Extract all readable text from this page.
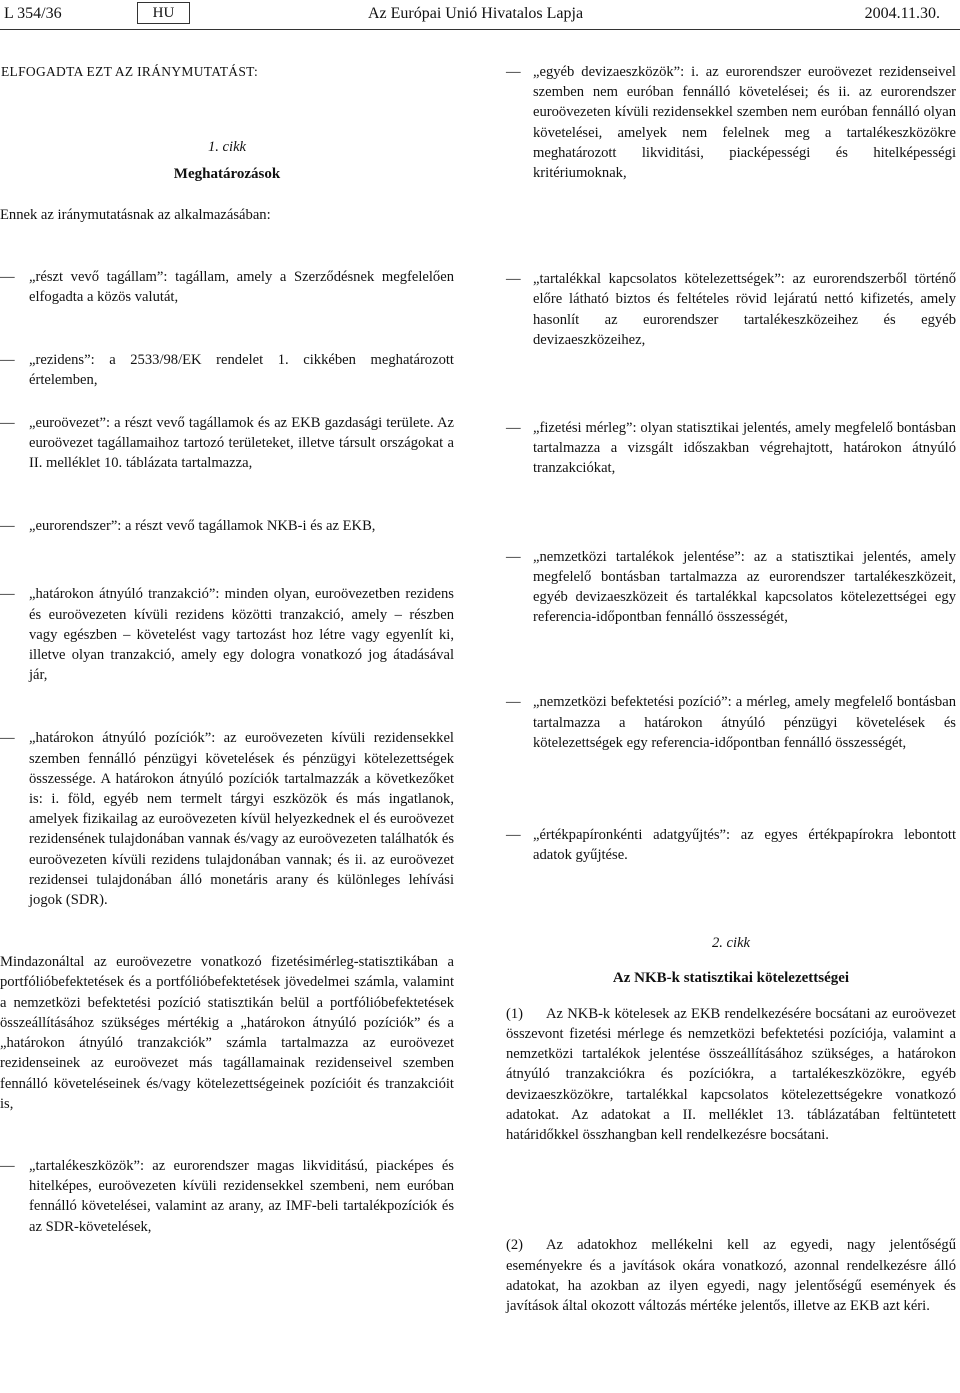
L 354/36	HU	Az Európai Unió Hivatalos Lapja	2004.11.30.

ELFOGADTA EZT AZ IRÁNYMUTATÁST:

1. cikk

Meghatározások

Ennek az iránymutatásnak az alkalmazásában:

— „részt vevő tagállam”: tagállam, amely a Szerződésnek megfelelően elfogadta a közös valutát,

— „rezidens”: a 2533/98/EK rendelet 1. cikkében meghatározott értelemben,

— „euroövezet”: a részt vevő tagállamok és az EKB gazdasági területe. Az euroövezet tagállamaihoz tartozó területeket, illetve társult országokat a II. melléklet 10. táblázata tartalmazza,

— „eurorendszer”: a részt vevő tagállamok NKB-i és az EKB,

— „határokon átnyúló tranzakció”: minden olyan, euroövezetben rezidens és euroövezeten kívüli rezidens közötti tranzakció, amely – részben vagy egészben – követelést vagy tartozást hoz létre vagy egyenlít ki, illetve olyan tranzakció, amely egy dologra vonatkozó jog átadásával jár,

— „határokon átnyúló pozíciók”: az euroövezeten kívüli rezidensekkel szemben fennálló pénzügyi követelések és pénzügyi kötelezettségek összessége. A határokon átnyúló pozíciók tartalmazzák a következőket is: i. föld, egyéb nem termelt tárgyi eszközök és más ingatlanok, amelyek fizikailag az euroövezeten kívül helyezkednek el és euroövezet rezidensének tulajdonában vannak és/vagy az euroövezeten találhatók és euroövezeten kívüli rezidens tulajdonában vannak; és ii. az euroövezet rezidensei tulajdonában álló monetáris arany és különleges lehívási jogok (SDR).

Mindazonáltal az euroövezetre vonatkozó fizetésimérleg-statisztikában a portfólióbefektetések és a portfólióbefektetések jövedelmei számla, valamint a nemzetközi befektetési pozíció statisztikán belül a portfólióbefektetések összeállításához szükséges mértékig a „határokon átnyúló pozíciók” és a „határokon átnyúló tranzakciók” számla tartalmazza az euroövezet rezidenseinek az euroövezet más tagállamainak rezidenseivel szemben fennálló követeléseinek és/vagy kötelezettségeinek pozícióit és tranzakcióit is,

— „tartalékeszközök”: az eurorendszer magas likviditású, piacképes és hitelképes, euroövezeten kívüli rezidensekkel szembeni, nem euróban fennálló követelései, valamint az arany, az IMF-beli tartalékpozíciók és az SDR-követelések,

— „egyéb devizaeszközök”: i. az eurorendszer euroövezet rezidenseivel szemben nem euróban fennálló követelései; és ii. az eurorendszer euroövezeten kívüli rezidensekkel szemben nem euróban fennálló olyan követelései, amelyek nem felelnek meg a tartalékeszközökre meghatározott likviditási, piacképességi és hitelképességi kritériumoknak,

— „tartalékkal kapcsolatos kötelezettségek”: az eurorendszerből történő előre látható biztos és feltételes rövid lejáratú nettó kifizetés, amely hasonlít az eurorendszer tartalékeszközeihez és egyéb devizaeszközeihez,

— „fizetési mérleg”: olyan statisztikai jelentés, amely megfelelő bontásban tartalmazza a vizsgált időszakban végrehajtott, határokon átnyúló tranzakciókat,

— „nemzetközi tartalékok jelentése”: az a statisztikai jelentés, amely megfelelő bontásban tartalmazza az eurorendszer tartalékeszközeit, egyéb devizaeszközeit és tartalékkal kapcsolatos kötelezettségei egy referencia-időpontban fennálló összességét,

— „nemzetközi befektetési pozíció”: a mérleg, amely megfelelő bontásban tartalmazza a határokon átnyúló pénzügyi követelések és kötelezettségek egy referencia-időpontban fennálló összességét,

— „értékpapíronkénti adatgyűjtés”: az egyes értékpapírokra lebontott adatok gyűjtése.

2. cikk

Az NKB-k statisztikai kötelezettségei

(1) Az NKB-k kötelesek az EKB rendelkezésére bocsátani az euroövezet összevont fizetési mérlege és nemzetközi befektetési pozíciója, valamint a nemzetközi tartalékok jelentése összeállításához szükséges, a határokon átnyúló tranzakciókra és pozíciókra, a tartalékeszközökre, egyéb devizaeszközökre, tartalékkal kapcsolatos kötelezettségekre vonatkozó adatokat. Az adatokat a II. melléklet 13. táblázatában feltüntetett határidőkkel összhangban kell rendelkezésre bocsátani.

(2) Az adatokhoz mellékelni kell az egyedi, nagy jelentőségű eseményekre és a javítások okára vonatkozó, azonnal rendelkezésre álló adatokat, ha azokban az ilyen egyedi, nagy jelentőségű események és javítások által okozott változás mértéke jelentős, illetve az EKB azt kéri.
